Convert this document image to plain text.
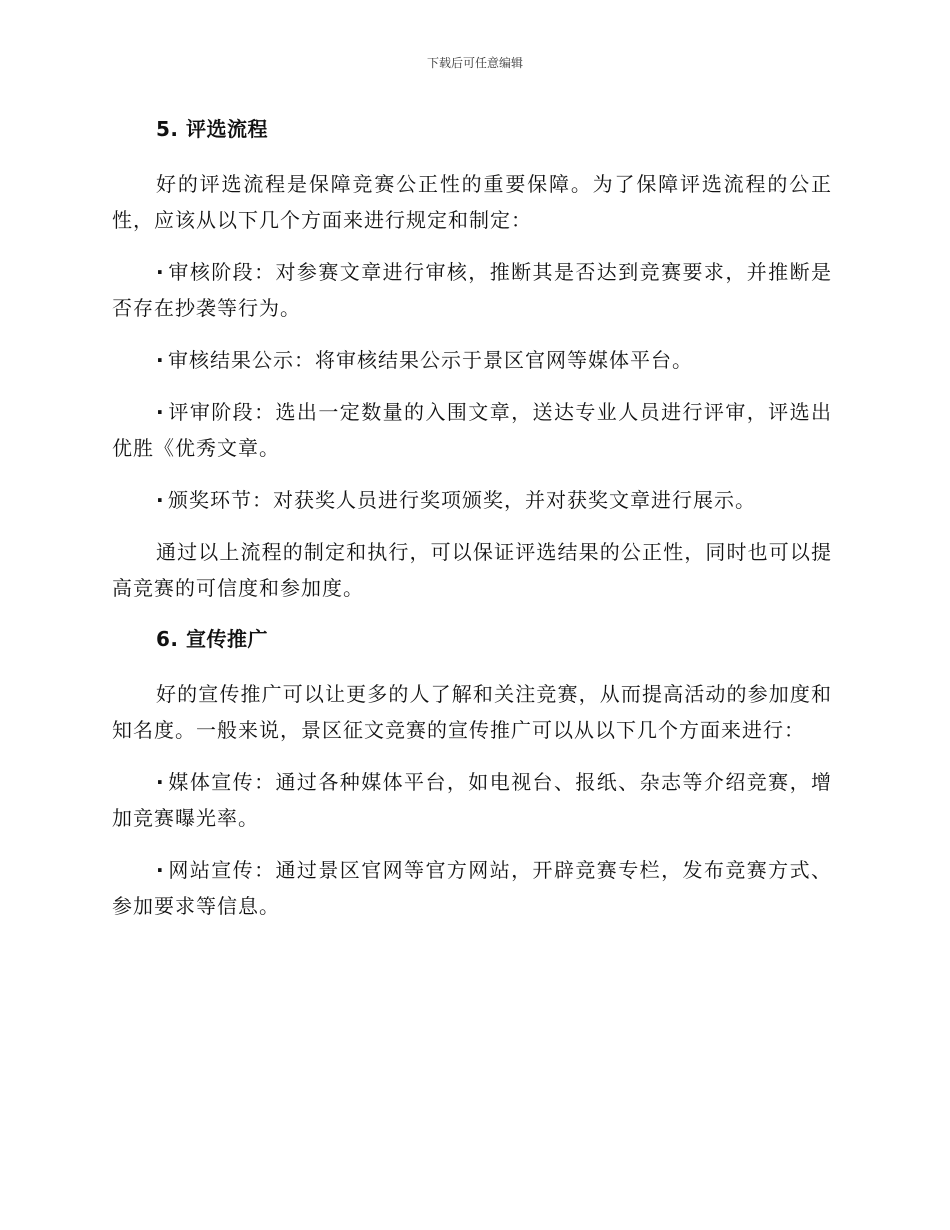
下载后可任意编辑
5. 评选流程

好的评选流程是保障竞赛公正性的重要保障。为了保障评选流程的公正性，应该从以下几个方面来进行规定和制定：

· 审核阶段：对参赛文章进行审核，推断其是否达到竞赛要求，并推断是否存在抄袭等行为。

· 审核结果公示：将审核结果公示于景区官网等媒体平台。

· 评审阶段：选出一定数量的入围文章，送达专业人员进行评审，评选出优胜《优秀文章。

· 颁奖环节：对获奖人员进行奖项颁奖，并对获奖文章进行展示。

通过以上流程的制定和执行，可以保证评选结果的公正性，同时也可以提高竞赛的可信度和参加度。

6. 宣传推广

好的宣传推广可以让更多的人了解和关注竞赛，从而提高活动的参加度和知名度。一般来说，景区征文竞赛的宣传推广可以从以下几个方面来进行：

· 媒体宣传：通过各种媒体平台，如电视台、报纸、杂志等介绍竞赛，增加竞赛曝光率。

· 网站宣传：通过景区官网等官方网站，开辟竞赛专栏，发布竞赛方式、参加要求等信息。
